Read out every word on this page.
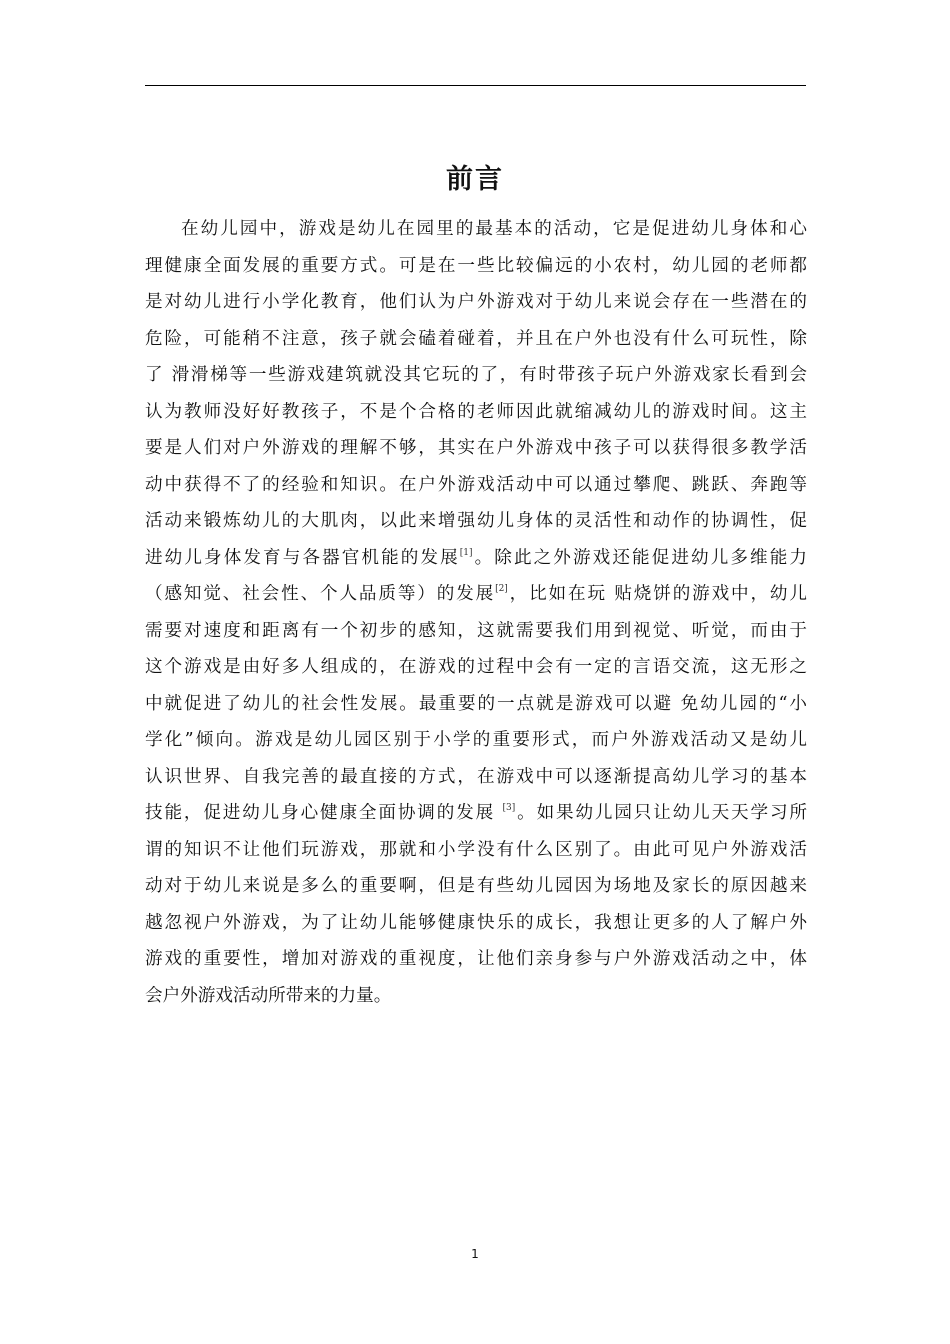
前言
在幼儿园中，游戏是幼儿在园里的最基本的活动，它是促进幼儿身体和心
理健康全面发展的重要方式。可是在一些比较偏远的小农村，幼儿园的老师都
是对幼儿进行小学化教育，他们认为户外游戏对于幼儿来说会存在一些潜在的
危险，可能稍不注意，孩子就会磕着碰着，并且在户外也没有什么可玩性，除
了 滑滑梯等一些游戏建筑就没其它玩的了，有时带孩子玩户外游戏家长看到会
认为教师没好好教孩子，不是个合格的老师因此就缩减幼儿的游戏时间。这主
要是人们对户外游戏的理解不够，其实在户外游戏中孩子可以获得很多教学活
动中获得不了的经验和知识。在户外游戏活动中可以通过攀爬、跳跃、奔跑等
活动来锻炼幼儿的大肌肉，以此来增强幼儿身体的灵活性和动作的协调性，促
进幼儿身体发育与各器官机能的发展[1]。除此之外游戏还能促进幼儿多维能力
（感知觉、社会性、个人品质等）的发展[2]，比如在玩 贴烧饼的游戏中，幼儿
需要对速度和距离有一个初步的感知，这就需要我们用到视觉、听觉，而由于
这个游戏是由好多人组成的，在游戏的过程中会有一定的言语交流，这无形之
中就促进了幼儿的社会性发展。最重要的一点就是游戏可以避 免幼儿园的“小
学化”倾向。游戏是幼儿园区别于小学的重要形式，而户外游戏活动又是幼儿
认识世界、自我完善的最直接的方式，在游戏中可以逐渐提高幼儿学习的基本
技能，促进幼儿身心健康全面协调的发展 [3]。如果幼儿园只让幼儿天天学习所
谓的知识不让他们玩游戏，那就和小学没有什么区别了。由此可见户外游戏活
动对于幼儿来说是多么的重要啊，但是有些幼儿园因为场地及家长的原因越来
越忽视户外游戏，为了让幼儿能够健康快乐的成长，我想让更多的人了解户外
游戏的重要性，增加对游戏的重视度，让他们亲身参与户外游戏活动之中，体
会户外游戏活动所带来的力量。
1
